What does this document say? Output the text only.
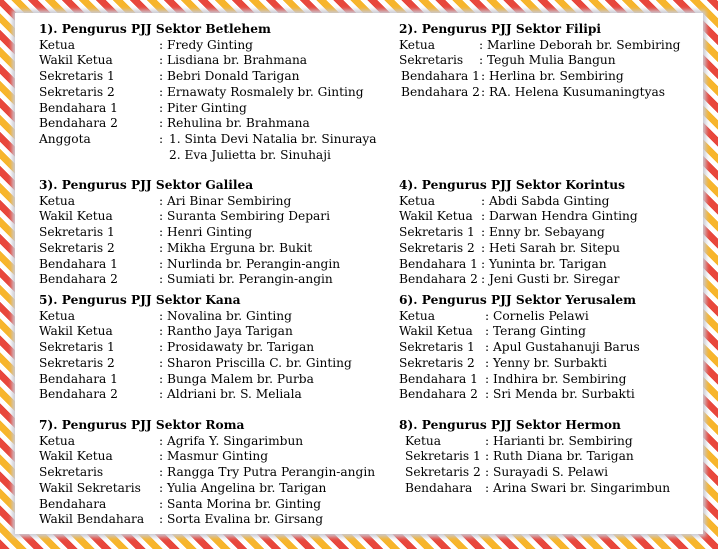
1). Pengurus PJJ Sektor Betlehem
Ketua	: Fredy Ginting
Wakil Ketua	: Lisdiana br. Brahmana
Sekretaris 1	: Bebri Donald Tarigan
Sekretaris 2	: Ernawaty Rosmalely br. Ginting
Bendahara 1	: Piter Ginting
Bendahara 2	: Rehulina br. Brahmana
Anggota	: 1. Sinta Devi Natalia br. Sinuraya
2. Eva Julietta br. Sinuhaji
2). Pengurus PJJ Sektor Filipi
Ketua	: Marline Deborah br. Sembiring
Sekretaris	: Teguh Mulia Bangun
Bendahara 1 : Herlina br. Sembiring
Bendahara 2 : RA. Helena Kusumaningtyas
3). Pengurus PJJ Sektor Galilea
Ketua	: Ari Binar Sembiring
Wakil Ketua	: Suranta Sembiring Depari
Sekretaris 1	: Henri Ginting
Sekretaris 2	: Mikha Erguna br. Bukit
Bendahara 1	: Nurlinda br. Perangin-angin
Bendahara 2	: Sumiati br. Perangin-angin
4). Pengurus PJJ Sektor Korintus
Ketua	: Abdi Sabda Ginting
Wakil Ketua : Darwan Hendra Ginting
Sekretaris 1 : Enny br. Sebayang
Sekretaris 2 : Heti Sarah br. Sitepu
Bendahara 1 : Yuninta br. Tarigan
Bendahara 2 : Jeni Gusti br. Siregar
5). Pengurus PJJ Sektor Kana
Ketua	: Novalina br. Ginting
Wakil Ketua	: Rantho Jaya Tarigan
Sekretaris 1	: Prosidawaty br. Tarigan
Sekretaris 2	: Sharon Priscilla C. br. Ginting
Bendahara 1	: Bunga Malem br. Purba
Bendahara 2	: Aldriani br. S. Meliala
6). Pengurus PJJ Sektor Yerusalem
Ketua	: Cornelis Pelawi
Wakil Ketua	: Terang Ginting
Sekretaris 1 : Apul Gustahanuji Barus
Sekretaris 2 : Yenny br. Surbakti
Bendahara 1 : Indhira br. Sembiring
Bendahara 2 : Sri Menda br. Surbakti
7). Pengurus PJJ Sektor Roma
Ketua	: Agrifa Y. Singarimbun
Wakil Ketua	: Masmur Ginting
Sekretaris	: Rangga Try Putra Perangin-angin
Wakil Sekretaris	: Yulia Angelina br. Tarigan
Bendahara	: Santa Morina br. Ginting
Wakil Bendahara	: Sorta Evalina br. Girsang
8). Pengurus PJJ Sektor Hermon
Ketua	: Harianti br. Sembiring
Sekretaris 1 : Ruth Diana br. Tarigan
Sekretaris 2 : Surayadi S. Pelawi
Bendahara	: Arina Swari br. Singarimbun
